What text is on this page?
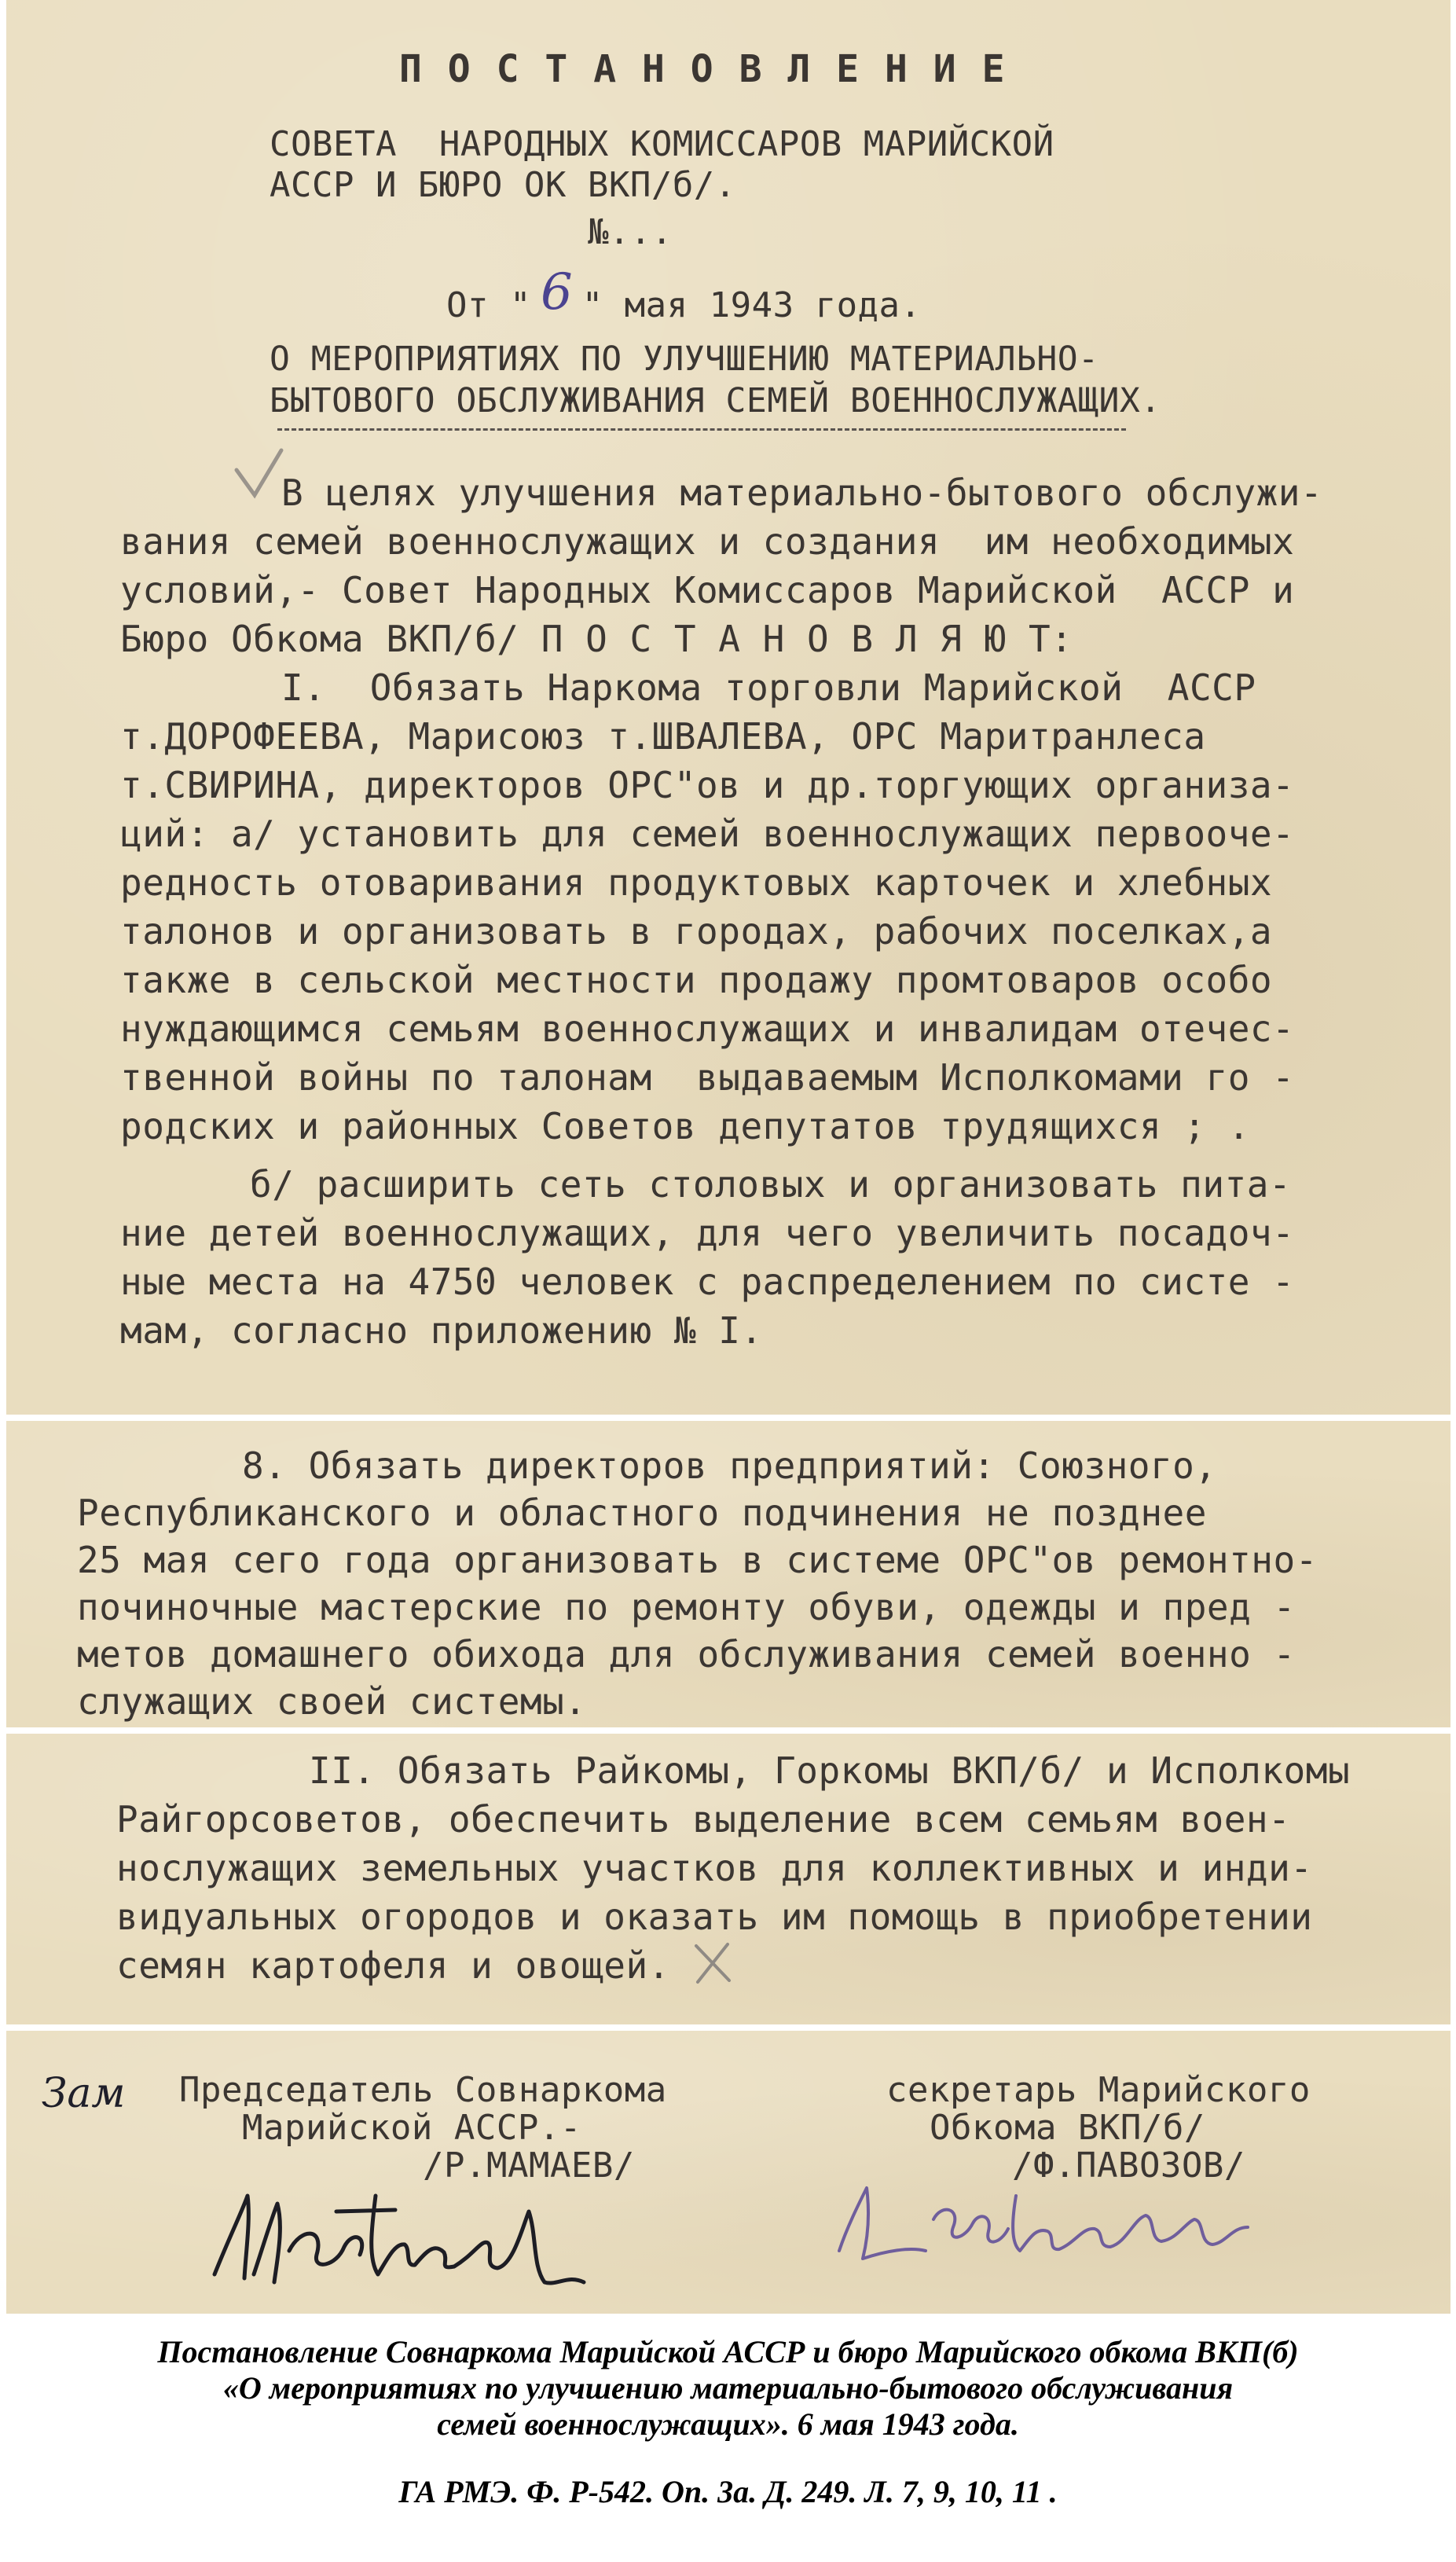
П О С Т А Н О В Л Е Н И Е
СОВЕТА  НАРОДНЫХ КОМИССАРОВ МАРИЙСКОЙ
АССР И БЮРО ОК ВКП/б/.
№...
От " 6 " мая 1943 года.
О МЕРОПРИЯТИЯХ ПО УЛУЧШЕНИЮ МАТЕРИАЛЬНО-
БЫТОВОГО ОБСЛУЖИВАНИЯ СЕМЕЙ ВОЕННОСЛУЖАЩИХ.
В целях улучшения материально-бытового обслужи-
вания семей военнослужащих и создания  им необходимых
условий,- Совет Народных Комиссаров Марийской  АССР и
Бюро Обкома ВКП/б/ П О С Т А Н О В Л Я Ю Т:
I.  Обязать Наркома торговли Марийской  АССР
т.ДОРОФЕЕВА, Марисоюз т.ШВАЛЕВА, ОРС Маритранлеса
т.СВИРИНА, директоров ОРС"ов и др.торгующих организа-
ций: а/ установить для семей военнослужащих первооче-
редность отоваривания продуктовых карточек и хлебных
талонов и организовать в городах, рабочих поселках,а
также в сельской местности продажу промтоваров особо
нуждающимся семьям военнослужащих и инвалидам отечес-
твенной войны по талонам  выдаваемым Исполкомами го -
родских и районных Советов депутатов трудящихся ; .
б/ расширить сеть столовых и организовать пита-
ние детей военнослужащих, для чего увеличить посадоч-
ные места на 4750 человек с распределением по систе -
мам, согласно приложению № I.
8. Обязать директоров предприятий: Союзного,
Республиканского и областного подчинения не позднее
25 мая сего года организовать в системе ОРС"ов ремонтно-
починочные мастерские по ремонту обуви, одежды и пред -
метов домашнего обихода для обслуживания семей военно -
служащих своей системы.
II. Обязать Райкомы, Горкомы ВКП/б/ и Исполкомы
Райгорсоветов, обеспечить выделение всем семьям воен-
нослужащих земельных участков для коллективных и инди-
видуальных огородов и оказать им помощь в приобретении
семян картофеля и овощей.
Зам Председатель Совнаркома
Марийской АССР.-
/Р.МАМАЕВ/
секретарь Марийского
Обкома ВКП/б/
/Ф.ПАВОЗОВ/
Постановление Совнаркома Марийской АССР и бюро Марийского обкома ВКП(б)
«О мероприятиях по улучшению материально-бытового обслуживания
семей военнослужащих». 6 мая 1943 года.
ГА РМЭ. Ф. Р-542. Оп. 3а. Д. 249. Л. 7, 9, 10, 11 .
